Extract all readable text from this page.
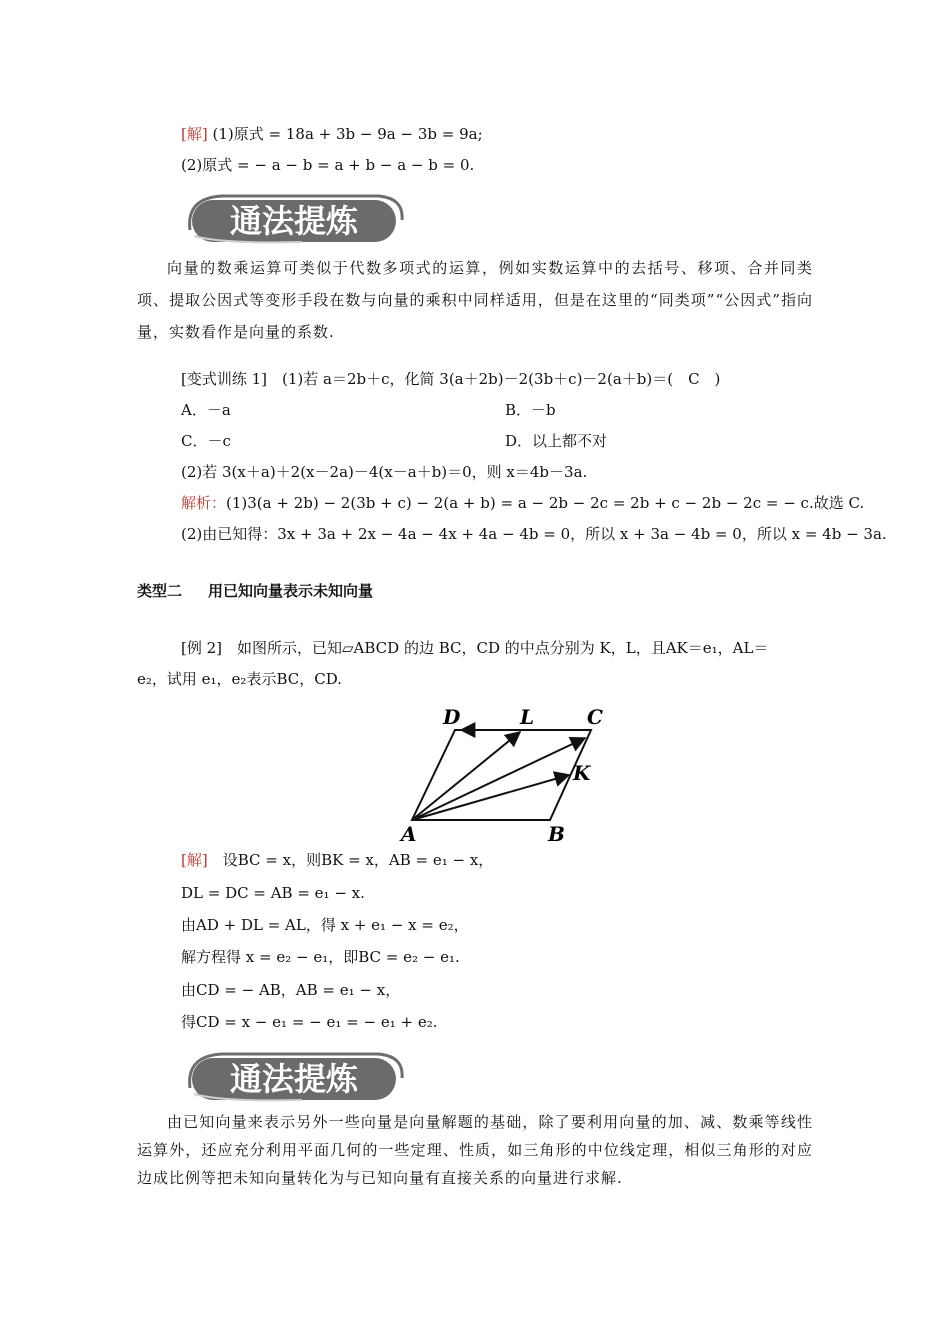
[解] (1)原式 = 18a + 3b − 9a − 3b = 9a;
(2)原式 = − a − b = a + b − a − b = 0.
通法提炼
向量的数乘运算可类似于代数多项式的运算，例如实数运算中的去括号、移项、合并同类项、提取公因式等变形手段在数与向量的乘积中同样适用，但是在这里的“同类项”“公因式”指向量，实数看作是向量的系数.
[变式训练 1]　(1)若 a＝2b＋c，化简 3(a＋2b)－2(3b＋c)－2(a＋b)＝(　C　)
A．－a	B．－b
C．－c	D．以上都不对
(2)若 3(x＋a)＋2(x－2a)－4(x－a＋b)＝0，则 x＝4b－3a.
解析：(1)3(a + 2b) − 2(3b + c) − 2(a + b) = a − 2b − 2c = 2b + c − 2b − 2c = − c.故选 C.
(2)由已知得：3x + 3a + 2x − 4a − 4x + 4a − 4b = 0，所以 x + 3a − 4b = 0，所以 x = 4b − 3a.
类型二 用已知向量表示未知向量
[例 2]　如图所示，已知▱ABCD 的边 BC，CD 的中点分别为 K，L，且AK＝e₁，AL＝
e₂，试用 e₁，e₂表示BC，CD.
D	L	C
K
A	B
[解]　 设BC = x，则BK = x，AB = e₁ − x，
DL = DC = AB = e₁ − x.
由AD + DL = AL，得 x + e₁ − x = e₂，
解方程得 x = e₂ − e₁，即BC = e₂ − e₁.
由CD = − AB，AB = e₁ − x，
得CD = x − e₁ = − e₁ = − e₁ + e₂.
通法提炼
由已知向量来表示另外一些向量是向量解题的基础，除了要利用向量的加、减、数乘等线性运算外，还应充分利用平面几何的一些定理、性质，如三角形的中位线定理，相似三角形的对应边成比例等把未知向量转化为与已知向量有直接关系的向量进行求解.
